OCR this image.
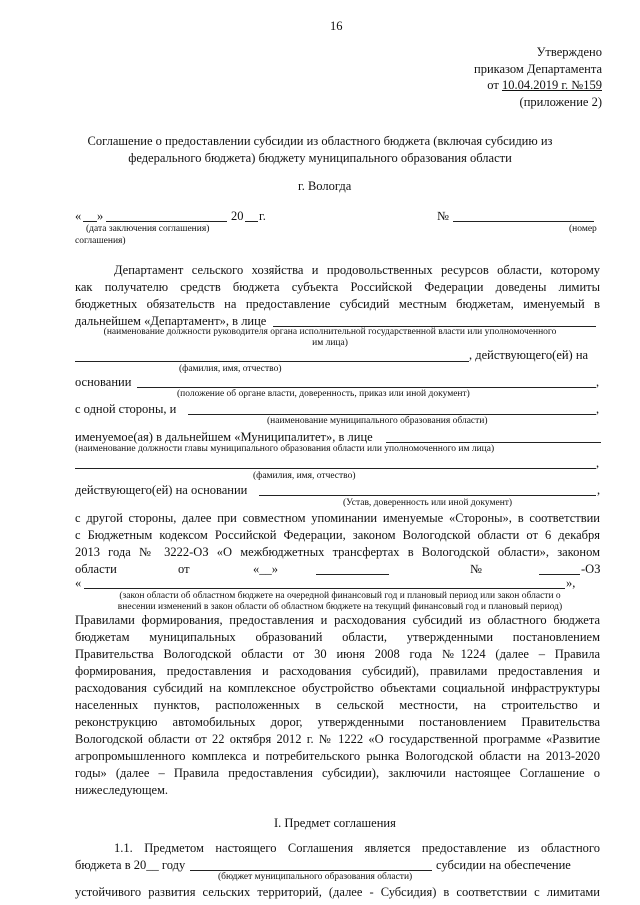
16
Утверждено
приказом Департамента
от 10.04.2019 г. №159
(приложение 2)
Соглашение о предоставлении субсидии из областного бюджета (включая субсидию из
федерального бюджета) бюджету муниципального образования области
г. Вологда
« »	20 г.	№
(дата заключения соглашения)	(номер
соглашения)
Департамент сельского хозяйства и продовольственных ресурсов области, которому
как получателю средств бюджета субъекта Российской Федерации доведены лимиты
бюджетных обязательств на предоставление субсидий местным бюджетам, именуемый в
дальнейшем «Департамент», в лице
(наименование должности руководителя органа исполнительной государственной власти или уполномоченного
им лица)
, действующего(ей) на
(фамилия, имя, отчество)
основании	,
(положение об органе власти, доверенность, приказ или иной документ)
с одной стороны, и	,
(наименование муниципального образования области)
именуемое(ая) в дальнейшем «Муниципалитет», в лице
(наименование должности главы муниципального образования области или уполномоченного им лица)
,
(фамилия, имя, отчество)
действующего(ей) на основании	,
(Устав, доверенность или иной документ)
с другой стороны, далее при совместном упоминании именуемые «Стороны», в соответствии
с Бюджетным кодексом Российской Федерации, законом Вологодской области от 6 декабря
2013 года № 3222-ОЗ «О межбюджетных трансфертах в Вологодской области», законом
области	от	«__»	№	-ОЗ
«	»,
(закон области об областном бюджете на очередной финансовый год и плановый период или закон области о
внесении изменений в закон области об областном бюджете на текущий финансовый год и плановый период)
Правилами формирования, предоставления и расходования субсидий из областного бюджета
бюджетам муниципальных образований области, утвержденными постановлением
Правительства Вологодской области от 30 июня 2008 года №1224 (далее – Правила
формирования, предоставления и расходования субсидий), правилами предоставления и
расходования субсидий на комплексное обустройство объектами социальной инфраструктуры
населенных пунктов, расположенных в сельской местности, на строительство и
реконструкцию автомобильных дорог, утвержденными постановлением Правительства
Вологодской области от 22 октября 2012 г. № 1222 «О государственной программе «Развитие
агропромышленного комплекса и потребительского рынка Вологодской области на 2013-2020
годы» (далее – Правила предоставления субсидии), заключили настоящее Соглашение о
нижеследующем.
I. Предмет соглашения
1.1. Предметом настоящего Соглашения является предоставление из областного
бюджета в 20__ году	субсидии на обеспечение
(бюджет муниципального образования области)
устойчивого развития сельских территорий, (далее - Субсидия) в соответствии с лимитами
